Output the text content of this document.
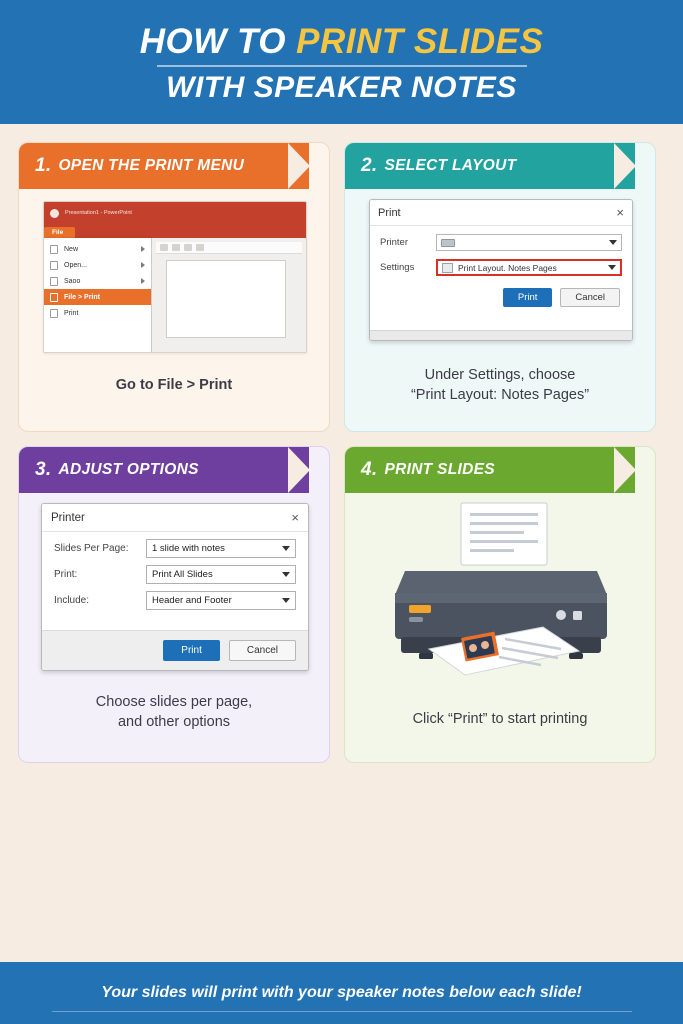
HOW TO PRINT SLIDES
WITH SPEAKER NOTES
1. OPEN THE PRINT MENU
Presentation1 - PowerPoint
File
New
Open...
Saoo
File > Print
Print
Go to File > Print
2. SELECT LAYOUT
Print	×
Printer
Settings	Print Layout. Notes Pages
Print	Cancel
Under Settings, choose
“Print Layout: Notes Pages”
3. ADJUST OPTIONS
Printer	×
Slides Per Page:	1 slide with notes
Print:	Print All Slides
Include:	Header and Footer
Print	Cancel
Choose slides per page,
and other options
4. PRINT SLIDES
Click “Print” to start printing
Your slides will print with your speaker notes below each slide!
